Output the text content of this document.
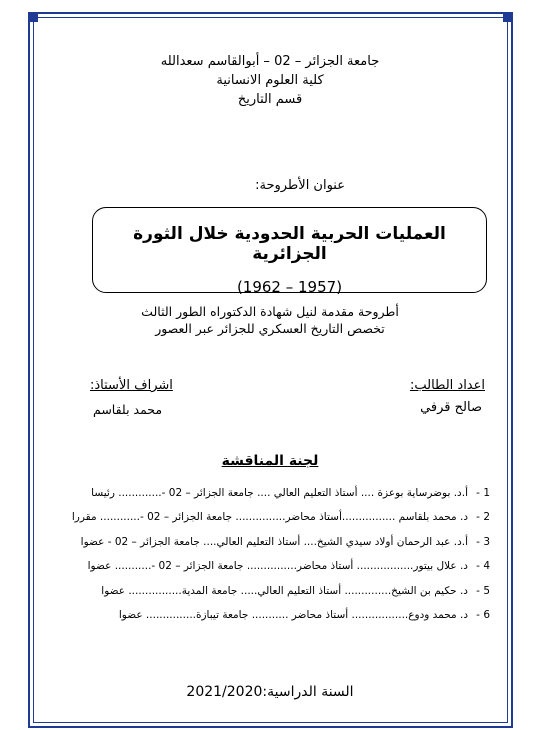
جامعة الجزائر – 02 – أبوالقاسم سعدالله
كلية العلوم الانسانية
قسم التاريخ
عنوان الأطروحة:
العمليات الحربية الحدودية خلال الثورة الجزائرية
(1962 – 1957)
أطروحة مقدمة لنيل شهادة الدكتوراه الطور الثالث
تخصص التاريخ العسكري للجزائر عبر العصور
اعداد الطالب:
صالح قرفي
اشراف الأستاذ:
محمد بلقاسم
لجنة المناقشة
1 -أ.د. بوضرساية بوعزة .... أستاذ التعليم العالي .... جامعة الجزائر – 02 -............. رئيسا
2 -د. محمد بلقاسم ................أستاذ محاضر............... جامعة الجزائر – 02 -............ مقررا
3 -أ.د. عبد الرحمان أولاد سيدي الشيخ.... أستاذ التعليم العالي.... جامعة الجزائر – 02 - عضوا
4 -د. علال بيتور................. أستاذ محاضر............... جامعة الجزائر – 02 -........... عضوا
5 -د. حكيم بن الشيخ.............. أستاذ التعليم العالي..... جامعة المدية................ عضوا
6 -د. محمد ودوع................. أستاذ محاضر ........... جامعة تيبازة............... عضوا
السنة الدراسية:2021/2020
